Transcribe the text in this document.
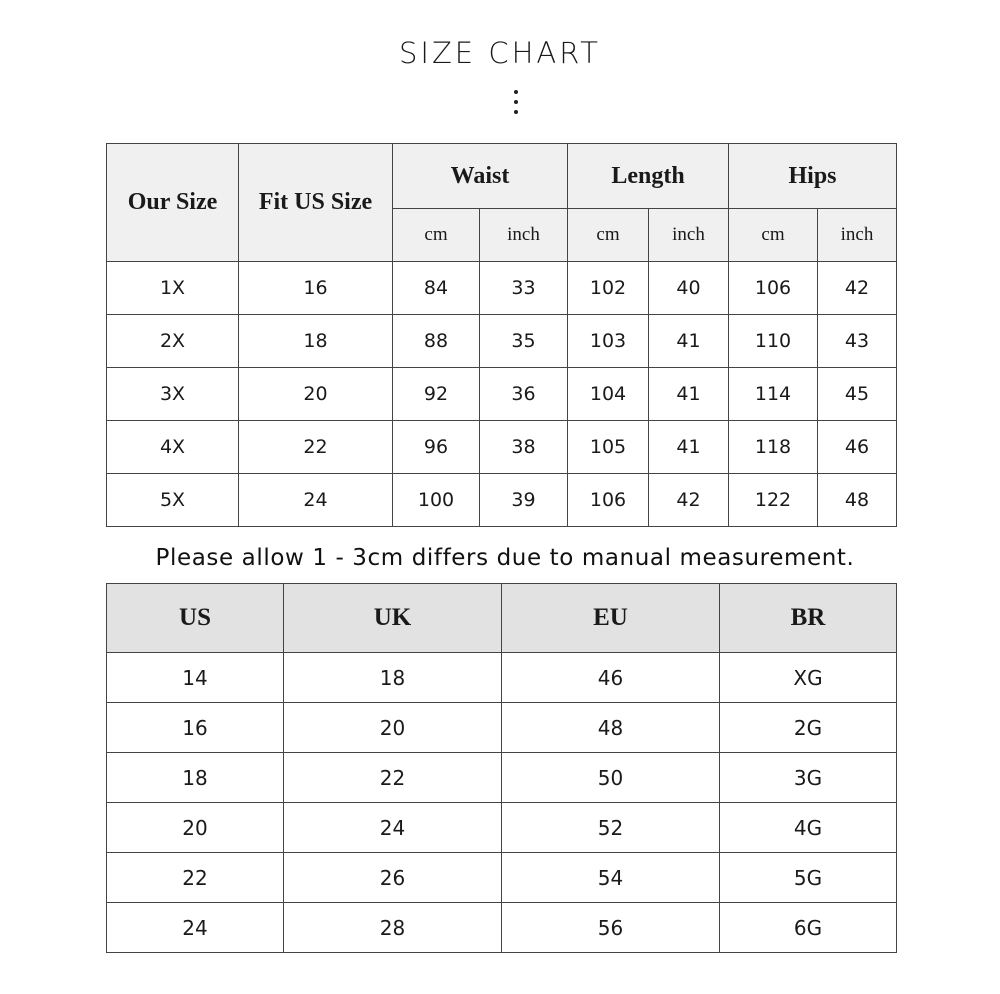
SIZE CHART
Our Size	Fit US Size	Waist		Length		Hips	
		cm	inch	cm	inch	cm	inch
1X	16	84	33	102	40	106	42
2X	18	88	35	103	41	110	43
3X	20	92	36	104	41	114	45
4X	22	96	38	105	41	118	46
5X	24	100	39	106	42	122	48
Please allow 1 - 3cm differs due to manual measurement.
US	UK	EU	BR
14	18	46	XG
16	20	48	2G
18	22	50	3G
20	24	52	4G
22	26	54	5G
24	28	56	6G
